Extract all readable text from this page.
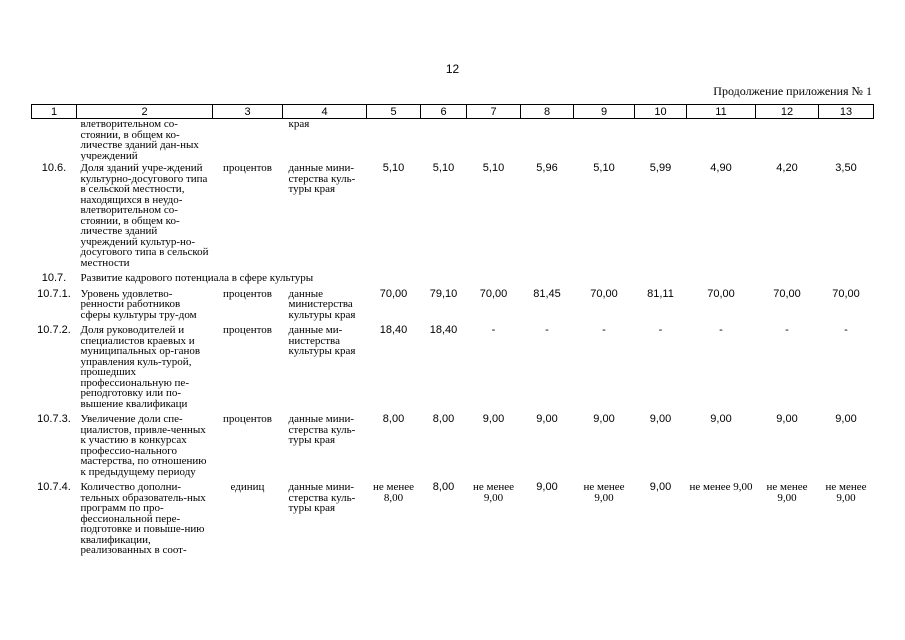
12
Продолжение приложения № 1
1	2	3	4	5	6	7	8	9	10	11	12	13
	влетворительном со-стоянии, в общем ко-личестве зданий дан-ных учреждений		края									
10.6.	Доля зданий учре-ждений культурно-досугового типа в сельской местности, находящихся в неудо-влетворительном со-стоянии, в общем ко-личестве зданий учреждений культур-но-досугового типа в сельской местности	процентов	данные мини-стерства куль-туры края	5,10	5,10	5,10	5,96	5,10	5,99	4,90	4,20	3,50
10.7.	Развитие кадрового потенциала в сфере культуры											
10.7.1.	Уровень удовлетво-ренности работников сферы культуры тру-дом	процентов	данные министерства культуры края	70,00	79,10	70,00	81,45	70,00	81,11	70,00	70,00	70,00
10.7.2.	Доля руководителей и специалистов краевых и муниципальных ор-ганов управления куль-турой, прошедших профессиональную пе-реподготовку или по-вышение квалификаци	процентов	данные ми-нистерства культуры края	18,40	18,40	-	-	-	-	-	-	-
10.7.3.	Увеличение доли спе-циалистов, привле-ченных к участию в конкурсах профессио-нального мастерства, по отношению к предыдущему периоду	процентов	данные мини-стерства куль-туры края	8,00	8,00	9,00	9,00	9,00	9,00	9,00	9,00	9,00
10.7.4.	Количество дополни-тельных образователь-ных программ по про-фессиональной пере-подготовке и повыше-нию квалификации, реализованных в соот-	единиц	данные мини-стерства куль-туры края	не менее 8,00	8,00	не менее 9,00	9,00	не менее 9,00	9,00	не менее 9,00	не менее 9,00	не менее 9,00
